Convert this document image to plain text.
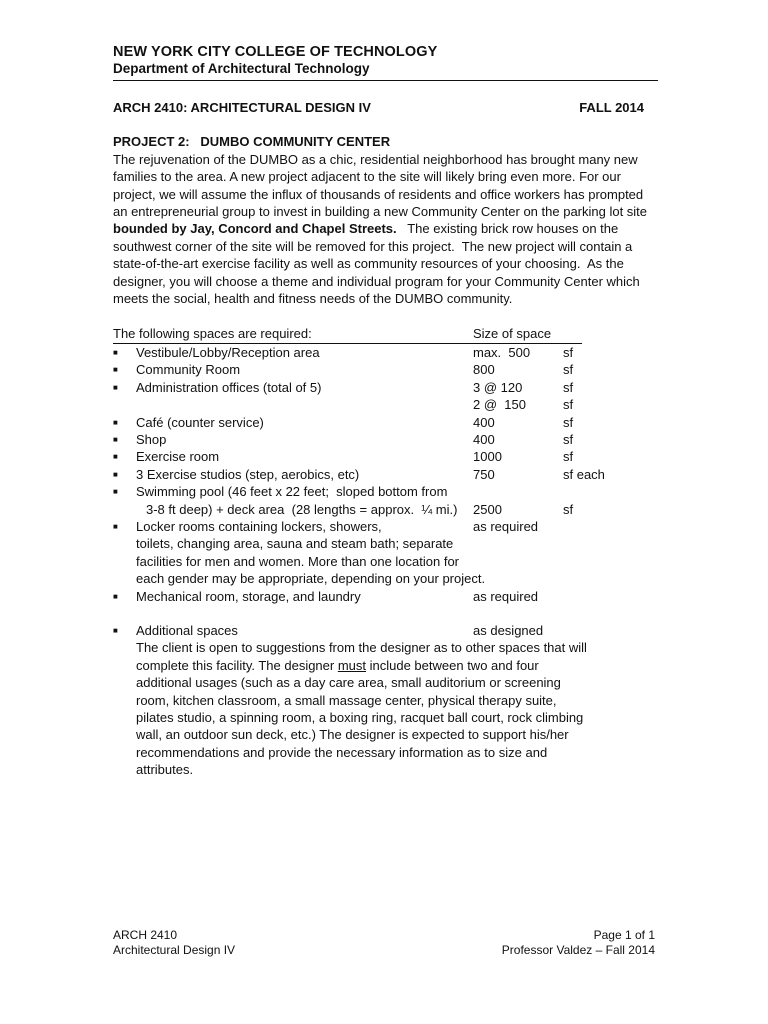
NEW YORK CITY COLLEGE OF TECHNOLOGY
Department of Architectural Technology
ARCH 2410: ARCHITECTURAL DESIGN IV	FALL 2014
PROJECT 2:   DUMBO COMMUNITY CENTER

The rejuvenation of the DUMBO as a chic, residential neighborhood has brought many new families to the area. A new project adjacent to the site will likely bring even more. For our project, we will assume the influx of thousands of residents and office workers has prompted an entrepreneurial group to invest in building a new Community Center on the parking lot site bounded by Jay, Concord and Chapel Streets.   The existing brick row houses on the southwest corner of the site will be removed for this project.  The new project will contain a state-of-the-art exercise facility as well as community resources of your choosing.  As the designer, you will choose a theme and individual program for your Community Center which meets the social, health and fitness needs of the DUMBO community.

The following spaces are required:	Size of space
■	Vestibule/Lobby/Reception area	max.  500	sf
■	Community Room	800	sf
■	Administration offices (total of 5)	3 @ 120	sf
2 @  150	sf
■	Café (counter service)	400	sf
■	Shop	400	sf
■	Exercise room	1000	sf
■	3 Exercise studios (step, aerobics, etc)	750	sf each
■	Swimming pool (46 feet x 22 feet;  sloped bottom from
3-8 ft deep) + deck area  (28 lengths = approx.  ¼ mi.)	2500	sf
■	Locker rooms containing lockers, showers,	as required
toilets, changing area, sauna and steam bath; separate
facilities for men and women. More than one location for
each gender may be appropriate, depending on your project.
■	Mechanical room, storage, and laundry	as required
■	Additional spaces	as designed
The client is open to suggestions from the designer as to other spaces that will complete this facility. The designer must include between two and four additional usages (such as a day care area, small auditorium or screening room, kitchen classroom, a small massage center, physical therapy suite, pilates studio, a spinning room, a boxing ring, racquet ball court, rock climbing wall, an outdoor sun deck, etc.) The designer is expected to support his/her recommendations and provide the necessary information as to size and attributes.
ARCH 2410
Architectural Design IV
Page 1 of 1
Professor Valdez – Fall 2014
